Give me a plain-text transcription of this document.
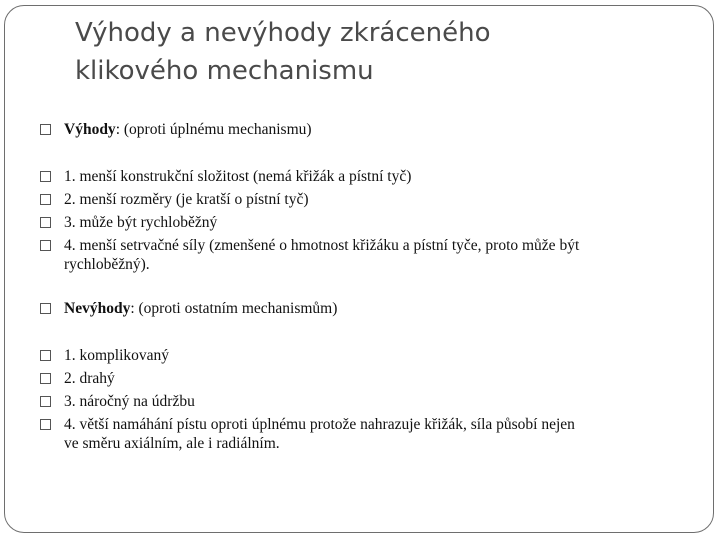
Výhody a nevýhody zkráceného
klikového mechanismu
Výhody: (oproti úplnému mechanismu)
1. menší konstrukční složitost (nemá křižák a pístní tyč)
2. menší rozměry (je kratší o pístní tyč)
3. může být rychloběžný
4. menší setrvačné síly (zmenšené o hmotnost křižáku a pístní tyče, proto může být
rychloběžný).
Nevýhody: (oproti ostatním mechanismům)
1. komplikovaný
2. drahý
3. náročný na údržbu
4. větší namáhání pístu oproti úplnému protože nahrazuje křižák, síla působí nejen
ve směru axiálním, ale i radiálním.
